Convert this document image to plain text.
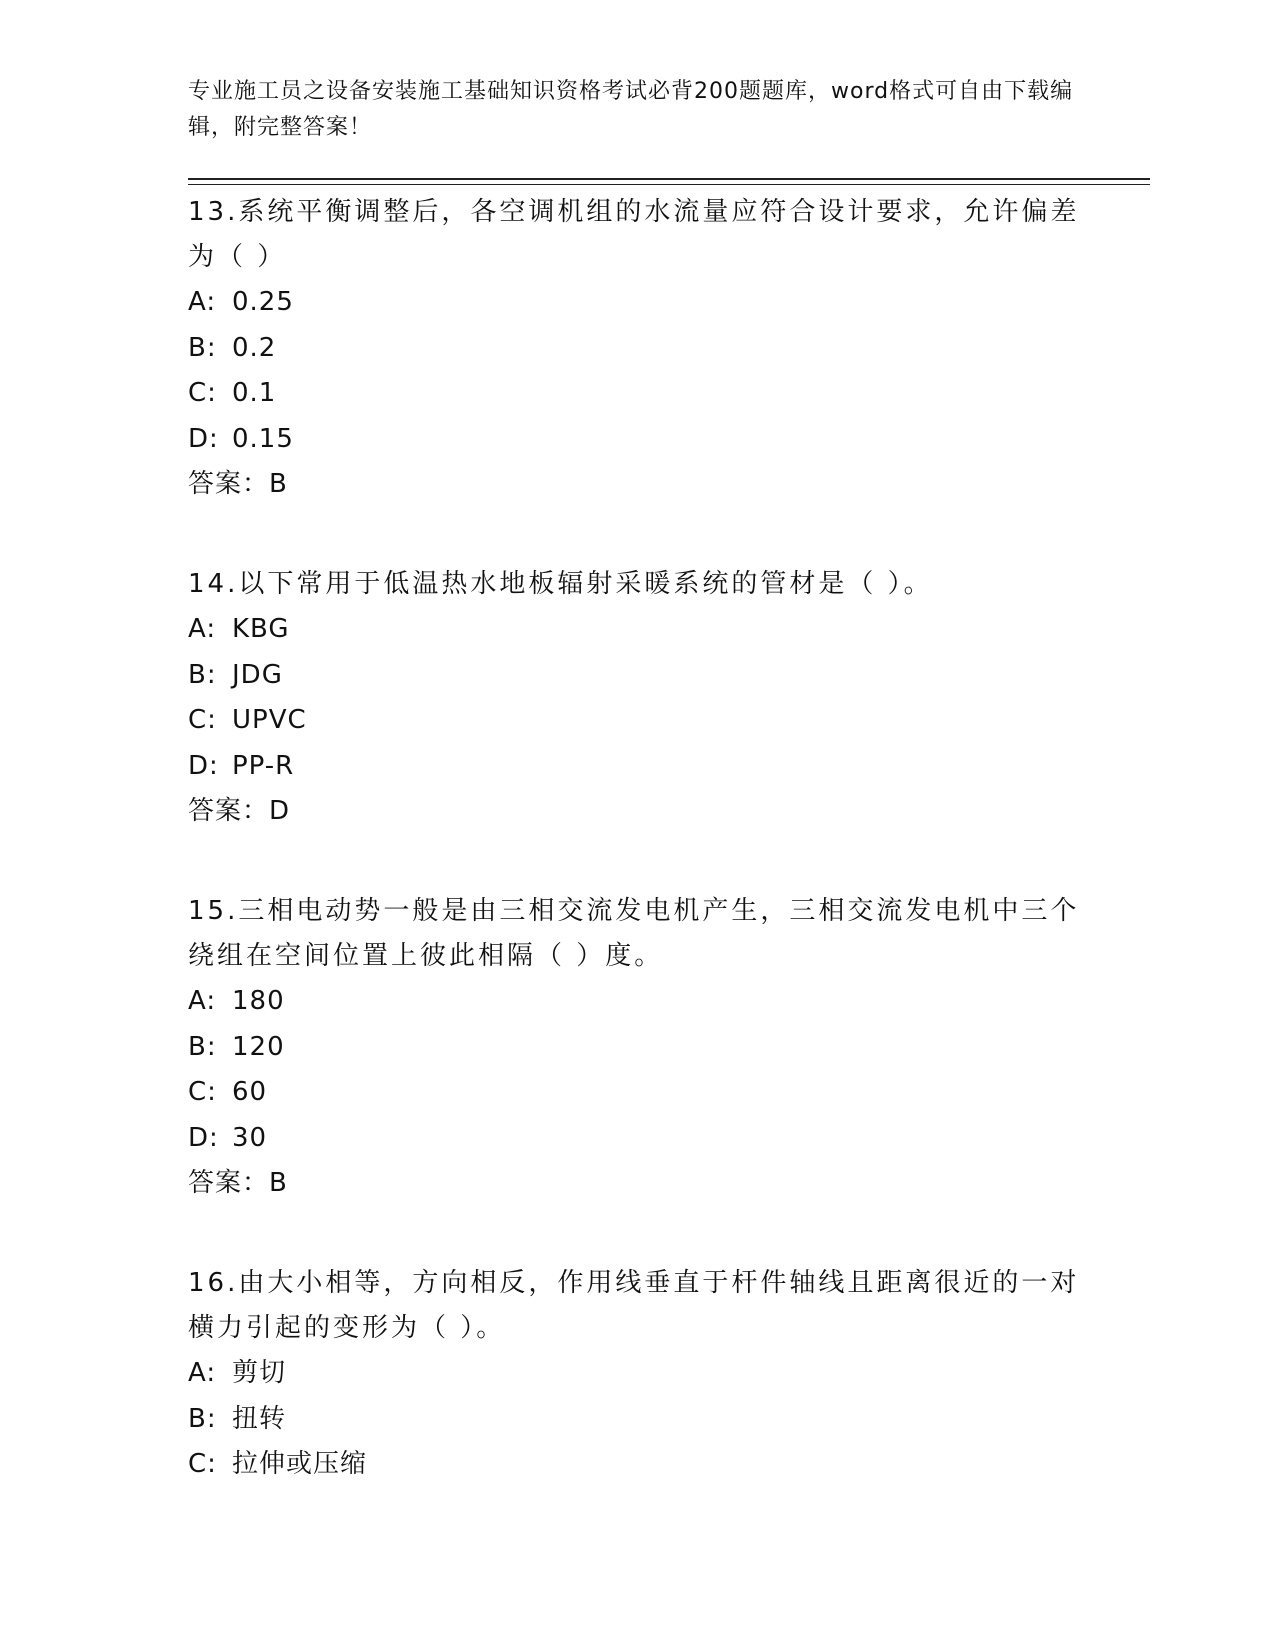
专业施工员之设备安装施工基础知识资格考试必背200题题库，word格式可自由下载编辑，附完整答案！

13.系统平衡调整后，各空调机组的水流量应符合设计要求，允许偏差为（ ）

A: 0.25
B: 0.2
C: 0.1
D: 0.15

答案：B

14.以下常用于低温热水地板辐射采暖系统的管材是（ ）。

A: KBG
B: JDG
C: UPVC
D: PP-R

答案：D

15.三相电动势一般是由三相交流发电机产生，三相交流发电机中三个绕组在空间位置上彼此相隔（ ）度。

A: 180
B: 120
C: 60
D: 30

答案：B

16.由大小相等，方向相反，作用线垂直于杆件轴线且距离很近的一对横力引起的变形为（ ）。

A: 剪切
B: 扭转
C: 拉伸或压缩
